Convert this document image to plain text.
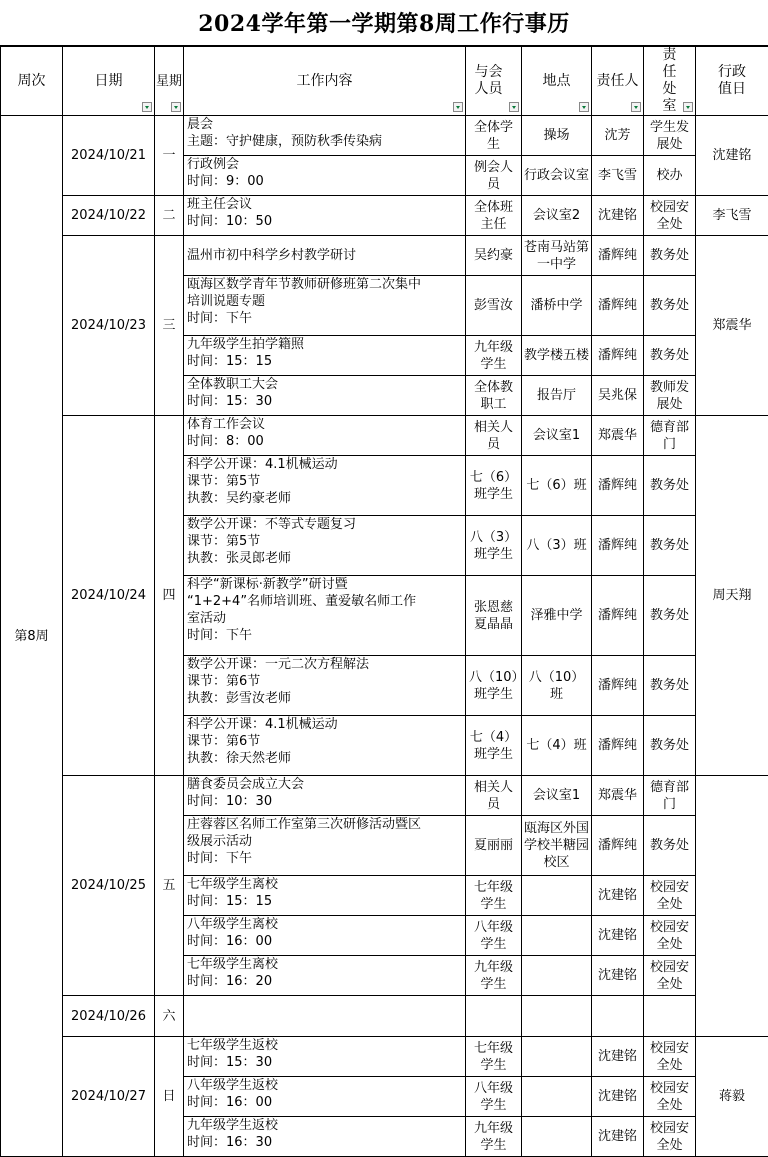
2024学年第一学期第8周工作行事历
周次	日期	星期	工作内容	与会人员	地点	责任人	责任处室	行政值日

第8周	2024/10/21	一	晨会
主题：守护健康，预防秋季传染病	全体学生	操场	沈芳	学生发展处	沈建铭

			行政例会
时间：9：00	例会人员	行政会议室	李飞雪	校办	

	2024/10/22	二	班主任会议
时间：10：50	全体班主任	会议室2	沈建铭	校园安全处	李飞雪

	2024/10/23	三	温州市初中科学乡村教学研讨	吴约豪	苍南马站第一中学	潘辉纯	教务处	郑震华

			瓯海区数学青年节教师研修班第二次集中
培训说题专题
时间：下午	彭雪汝	潘桥中学	潘辉纯	教务处	

			九年级学生拍学籍照
时间：15：15	九年级学生	教学楼五楼	潘辉纯	教务处	

			全体教职工大会
时间：15：30	全体教职工	报告厅	吴兆保	教师发展处	

	2024/10/24	四	体育工作会议
时间：8：00	相关人员	会议室1	郑震华	德育部门	周天翔

			科学公开课：4.1机械运动
课节：第5节
执教：吴约豪老师	七（6）班学生	七（6）班	潘辉纯	教务处	

			数学公开课：不等式专题复习
课节：第5节
执教：张灵郎老师	八（3）班学生	八（3）班	潘辉纯	教务处	

			科学“新课标·新教学”研讨暨
“1+2+4”名师培训班、董爱敏名师工作
室活动
时间：下午	张恩慈夏晶晶	泽雅中学	潘辉纯	教务处	

			数学公开课：一元二次方程解法
课节：第6节
执教：彭雪汝老师	八（10）班学生	八（10）班	潘辉纯	教务处	

			科学公开课：4.1机械运动
课节：第6节
执教：徐天然老师	七（4）班学生	七（4）班	潘辉纯	教务处	

	2024/10/25	五	膳食委员会成立大会
时间：10：30	相关人员	会议室1	郑震华	德育部门	

			庄蓉蓉区名师工作室第三次研修活动暨区
级展示活动
时间：下午	夏丽丽	瓯海区外国学校半糖园校区	潘辉纯	教务处	

			七年级学生离校
时间：15：15	七年级学生		沈建铭	校园安全处	

			八年级学生离校
时间：16：00	八年级学生		沈建铭	校园安全处	

			七年级学生离校
时间：16：20	九年级学生		沈建铭	校园安全处	

	2024/10/26	六						

	2024/10/27	日	七年级学生返校
时间：15：30	七年级学生		沈建铭	校园安全处	蒋毅

			八年级学生返校
时间：16：00	八年级学生		沈建铭	校园安全处	

			九年级学生返校
时间：16：30	九年级学生		沈建铭	校园安全处	
